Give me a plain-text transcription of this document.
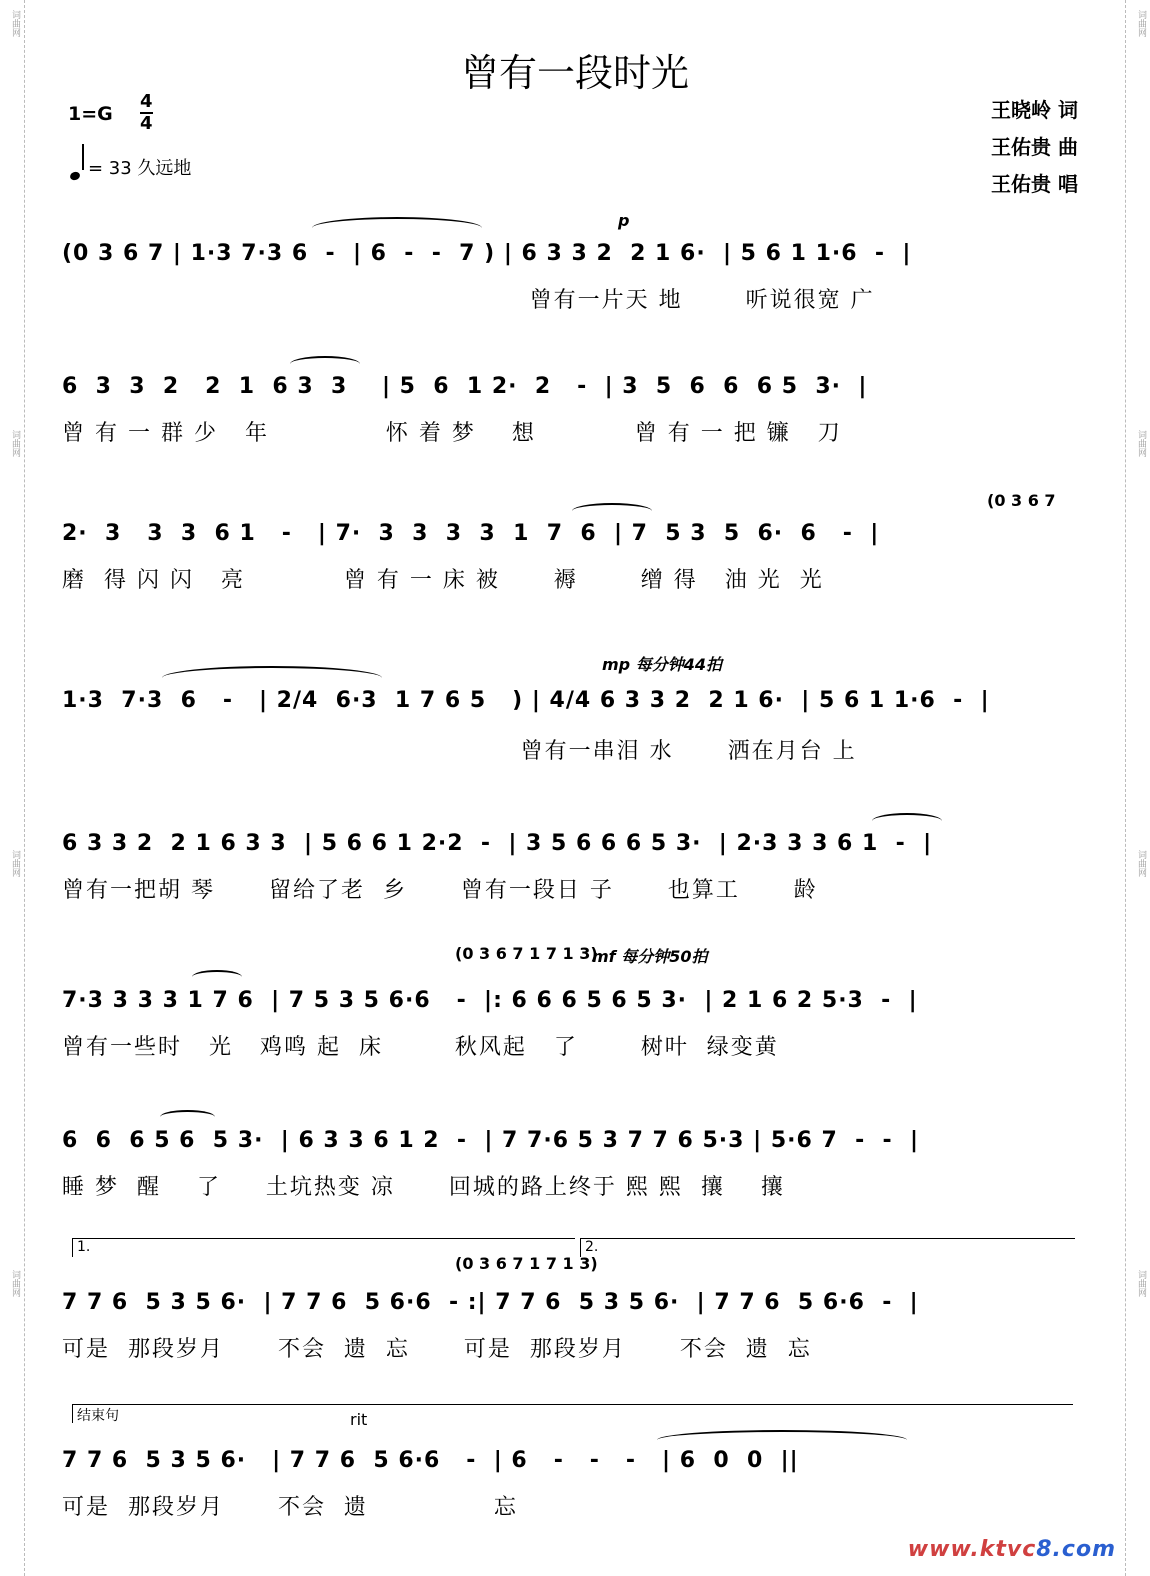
词曲网
词曲网
词曲网
词曲网
词曲网
词曲网
词曲网
词曲网
曾有一段时光
1=G
4
4
= 33 久远地
王晓岭 词
王佑贵 曲
王佑贵 唱
p
(0 3 6 7 | 1·3 7·3 6  -  | 6  -  -  7 ) | 6 3 3 2  2 1 6·  | 5 6 1 1·6  -  |
曾有一片天 地       听说很宽 广
6  3  3  2   2  1  6 3  3    | 5  6  1 2·  2   -  | 3  5  6  6  6 5  3·  |
曾 有 一 群 少   年             怀 着 梦    想           曾 有 一 把 镰   刀
(0 3 6 7
2·  3   3  3  6 1   -   | 7·  3  3  3  3  1  7  6  | 7  5 3  5  6·  6   -  |
磨  得 闪 闪   亮           曾 有 一 床 被      褥       缯 得   油 光  光
mp 每分钟44拍
1·3  7·3  6   -   | 2/4  6·3  1 7 6 5   ) | 4/4 6 3 3 2  2 1 6·  | 5 6 1 1·6  -  |
曾有一串泪 水      洒在月台 上
6 3 3 2  2 1 6 3 3  | 5 6 6 1 2·2  -  | 3 5 6 6 6 5 3·  | 2·3 3 3 6 1  -  |
曾有一把胡 琴      留给了老  乡      曾有一段日 子      也算工      龄
(0 3 6 7 1 7 1 3)
mf 每分钟50拍
7·3 3 3 3 1 7 6  | 7 5 3 5 6·6   -  |: 6 6 6 5 6 5 3·  | 2 1 6 2 5·3  -  |
曾有一些时   光   鸡鸣 起  床        秋风起   了       树叶  绿变黄
6  6  6 5 6  5 3·  | 6 3 3 6 1 2  -  | 7 7·6 5 3 7 7 6 5·3 | 5·6 7  -  -  |
睡 梦  醒    了     土坑热变 凉      回城的路上终于 熙 熙  攘    攘
1.	2.
(0 3 6 7 1 7 1 3)
7 7 6  5 3 5 6·  | 7 7 6  5 6·6  - :| 7 7 6  5 3 5 6·  | 7 7 6  5 6·6  -  |
可是  那段岁月      不会  遗  忘      可是  那段岁月      不会  遗  忘
结束句	rit
7 7 6  5 3 5 6·   | 7 7 6  5 6·6   -  | 6   -   -   -   | 6  0  0  ||
可是  那段岁月      不会  遗              忘
www.ktvc8.com
